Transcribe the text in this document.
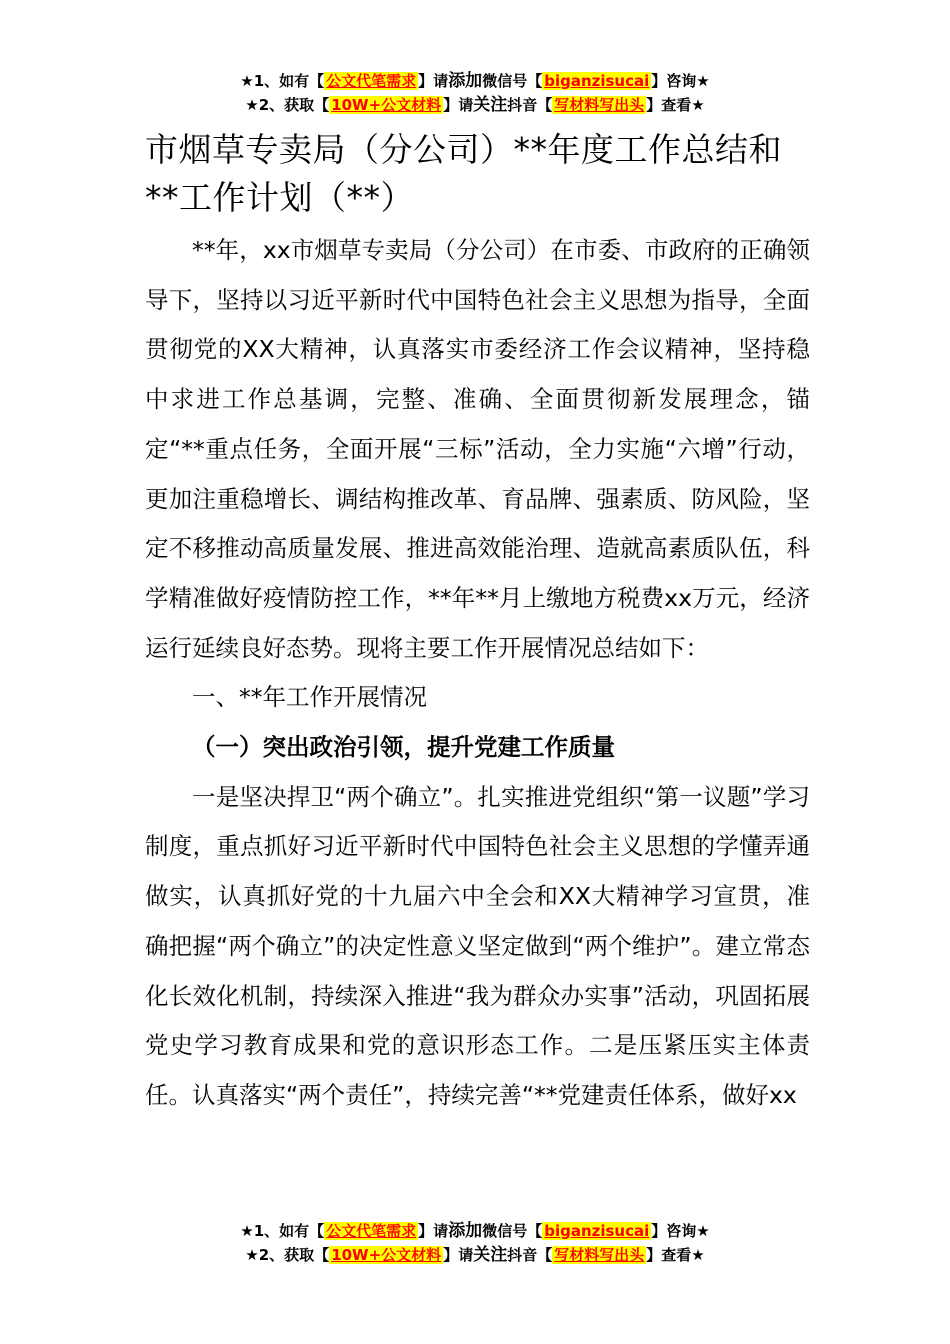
★1、如有【 公文代笔需求 】请添加微信号【 biganzisucai 】咨询★
★2、获取【 10W+公文材料 】请关注抖音【 写材料写出头 】查看★
市烟草专卖局（分公司）**年度工作总结和**工作计划（**）

**年，xx市烟草专卖局（分公司）在市委、市政府的正确领导下，坚持以习近平新时代中国特色社会主义思想为指导，全面贯彻党的XX大精神，认真落实市委经济工作会议精神，坚持稳中求进工作总基调，完整、准确、全面贯彻新发展理念，锚定“**重点任务，全面开展“三标”活动，全力实施“六增”行动，更加注重稳增长、调结构推改革、育品牌、强素质、防风险，坚定不移推动高质量发展、推进高效能治理、造就高素质队伍，科学精准做好疫情防控工作，**年**月上缴地方税费xx万元，经济运行延续良好态势。现将主要工作开展情况总结如下：

一、**年工作开展情况

（一）突出政治引领，提升党建工作质量

一是坚决捍卫“两个确立”。扎实推进党组织“第一议题”学习制度，重点抓好习近平新时代中国特色社会主义思想的学懂弄通做实，认真抓好党的十九届六中全会和XX大精神学习宣贯，准确把握“两个确立”的决定性意义坚定做到“两个维护”。建立常态化长效化机制，持续深入推进“我为群众办实事”活动，巩固拓展党史学习教育成果和党的意识形态工作。二是压紧压实主体责任。认真落实“两个责任”，持续完善“**党建责任体系，做好xx

★1、如有【 公文代笔需求 】请添加微信号【 biganzisucai 】咨询★
★2、获取【 10W+公文材料 】请关注抖音【 写材料写出头 】查看★
